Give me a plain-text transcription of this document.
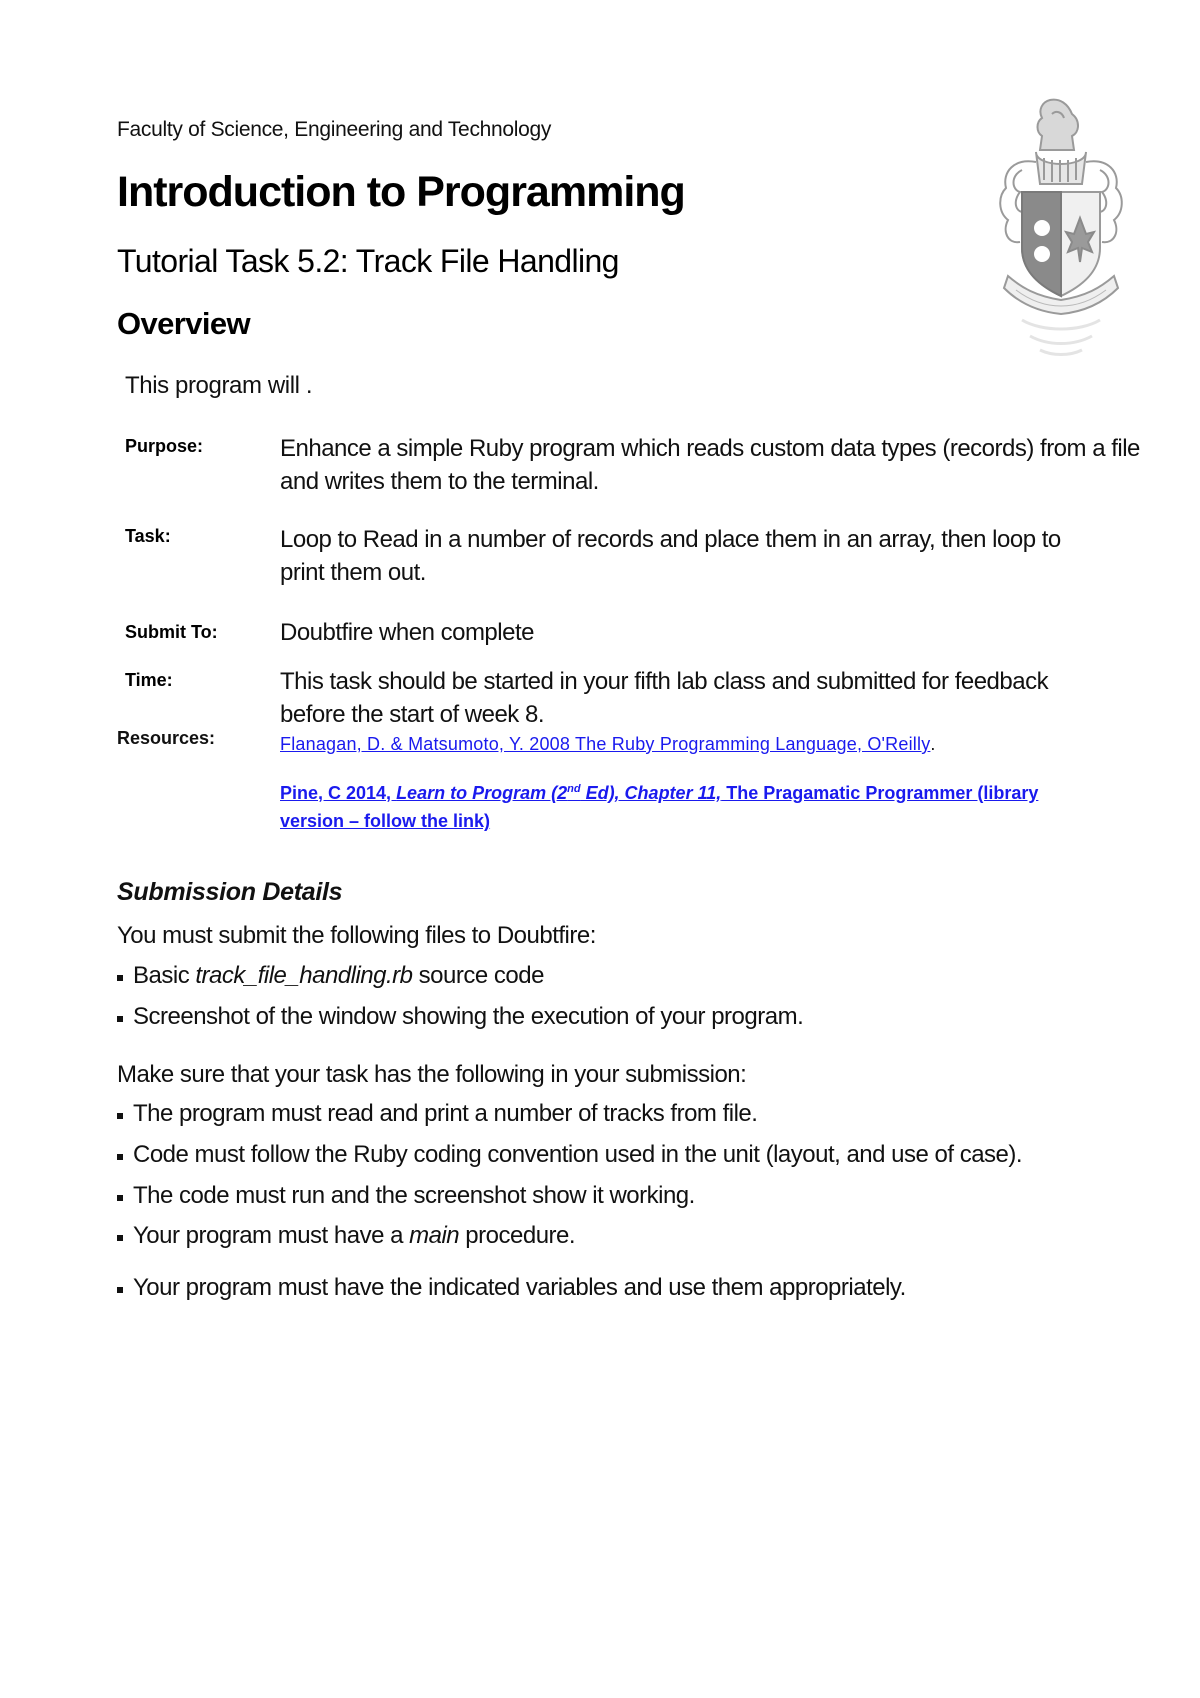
Faculty of Science, Engineering and Technology
Introduction to Programming
Tutorial Task 5.2: Track File Handling
Overview
This program will .
Purpose:	Enhance a simple Ruby program which reads custom data types (records) from a file and writes them to the terminal.
Task:	Loop to Read in a number of records and place them in an array, then loop to print them out.
Submit To:	Doubtfire when complete
Time:	This task should be started in your fifth lab class and submitted for feedback before the start of week 8.
Resources:	Flanagan, D. & Matsumoto, Y. 2008 The Ruby Programming Language, O'Reilly.
Pine, C 2014, Learn to Program (2nd Ed), Chapter 11, The Pragamatic Programmer (library version – follow the link)
Submission Details
You must submit the following files to Doubtfire:
Basic track_file_handling.rb source code
Screenshot of the window showing the execution of your program.
Make sure that your task has the following in your submission:
The program must read and print a number of tracks from file.
Code must follow the Ruby coding convention used in the unit (layout, and use of case).
The code must run and the screenshot show it working.
Your program must have a main procedure.
Your program must have the indicated variables and use them appropriately.
